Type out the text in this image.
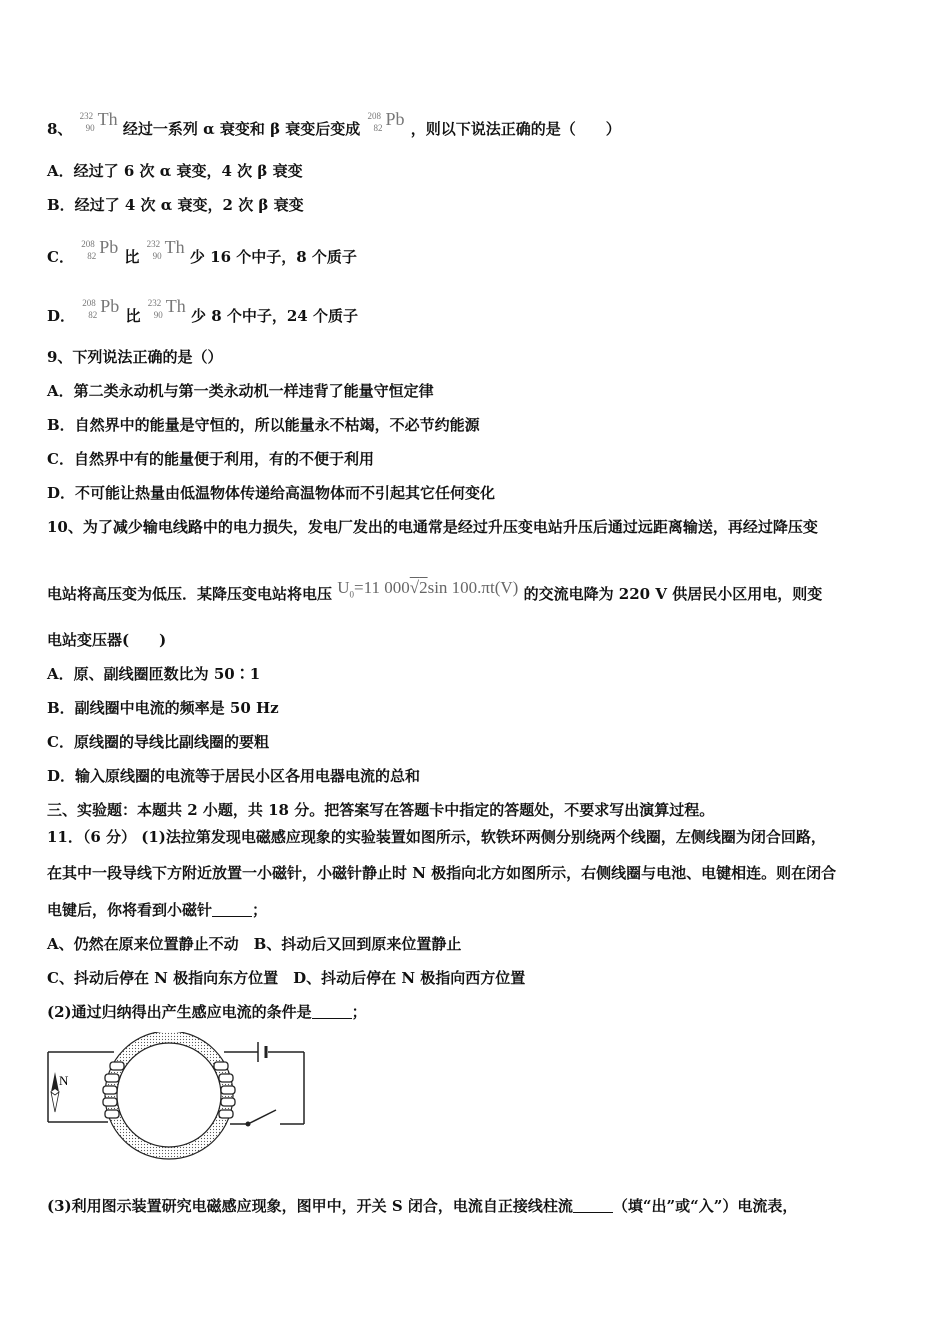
8、
232
90 Th 经过一系列 α 衰变和 β 衰变后变成
208
82 Pb ，则以下说法正确的是（　　）
A．经过了 6 次 α 衰变，4 次 β 衰变
B．经过了 4 次 α 衰变，2 次 β 衰变
C．
208
82 Pb 比
232
90 Th 少 16 个中子，8 个质子
D．
208
82 Pb 比
232
90 Th 少 8 个中子，24 个质子
9、下列说法正确的是（）
A．第二类永动机与第一类永动机一样违背了能量守恒定律
B．自然界中的能量是守恒的，所以能量永不枯竭，不必节约能源
C．自然界中有的能量便于利用，有的不便于利用
D．不可能让热量由低温物体传递给高温物体而不引起其它任何变化
10、为了减少输电线路中的电力损失，发电厂发出的电通常是经过升压变电站升压后通过远距离输送，再经过降压变
电站将高压变为低压．某降压变电站将电压 $U_0=11$ 000√2sin 100.πt(V) 的交流电降为 220 V 供居民小区用电，则变
电站变压器(　　)
A．原、副线圈匝数比为 50∶1
B．副线圈中电流的频率是 50 Hz
C．原线圈的导线比副线圈的要粗
D．输入原线圈的电流等于居民小区各用电器电流的总和
三、实验题：本题共 2 小题，共 18 分。把答案写在答题卡中指定的答题处，不要求写出演算过程。
11．（6 分） (1)法拉第发现电磁感应现象的实验装置如图所示，软铁环两侧分别绕两个线圈，左侧线圈为闭合回路，
在其中一段导线下方附近放置一小磁针，小磁针静止时 N 极指向北方如图所示，右侧线圈与电池、电键相连。则在闭合
电键后，你将看到小磁针	；
A、仍然在原来位置静止不动　B、抖动后又回到原来位置静止
C、抖动后停在 N 极指向东方位置　D、抖动后停在 N 极指向西方位置
(2)通过归纳得出产生感应电流的条件是	；
N
(3)利用图示装置研究电磁感应现象，图甲中，开关 S 闭合，电流自正接线柱流	（填“出”或“入”）电流表，
